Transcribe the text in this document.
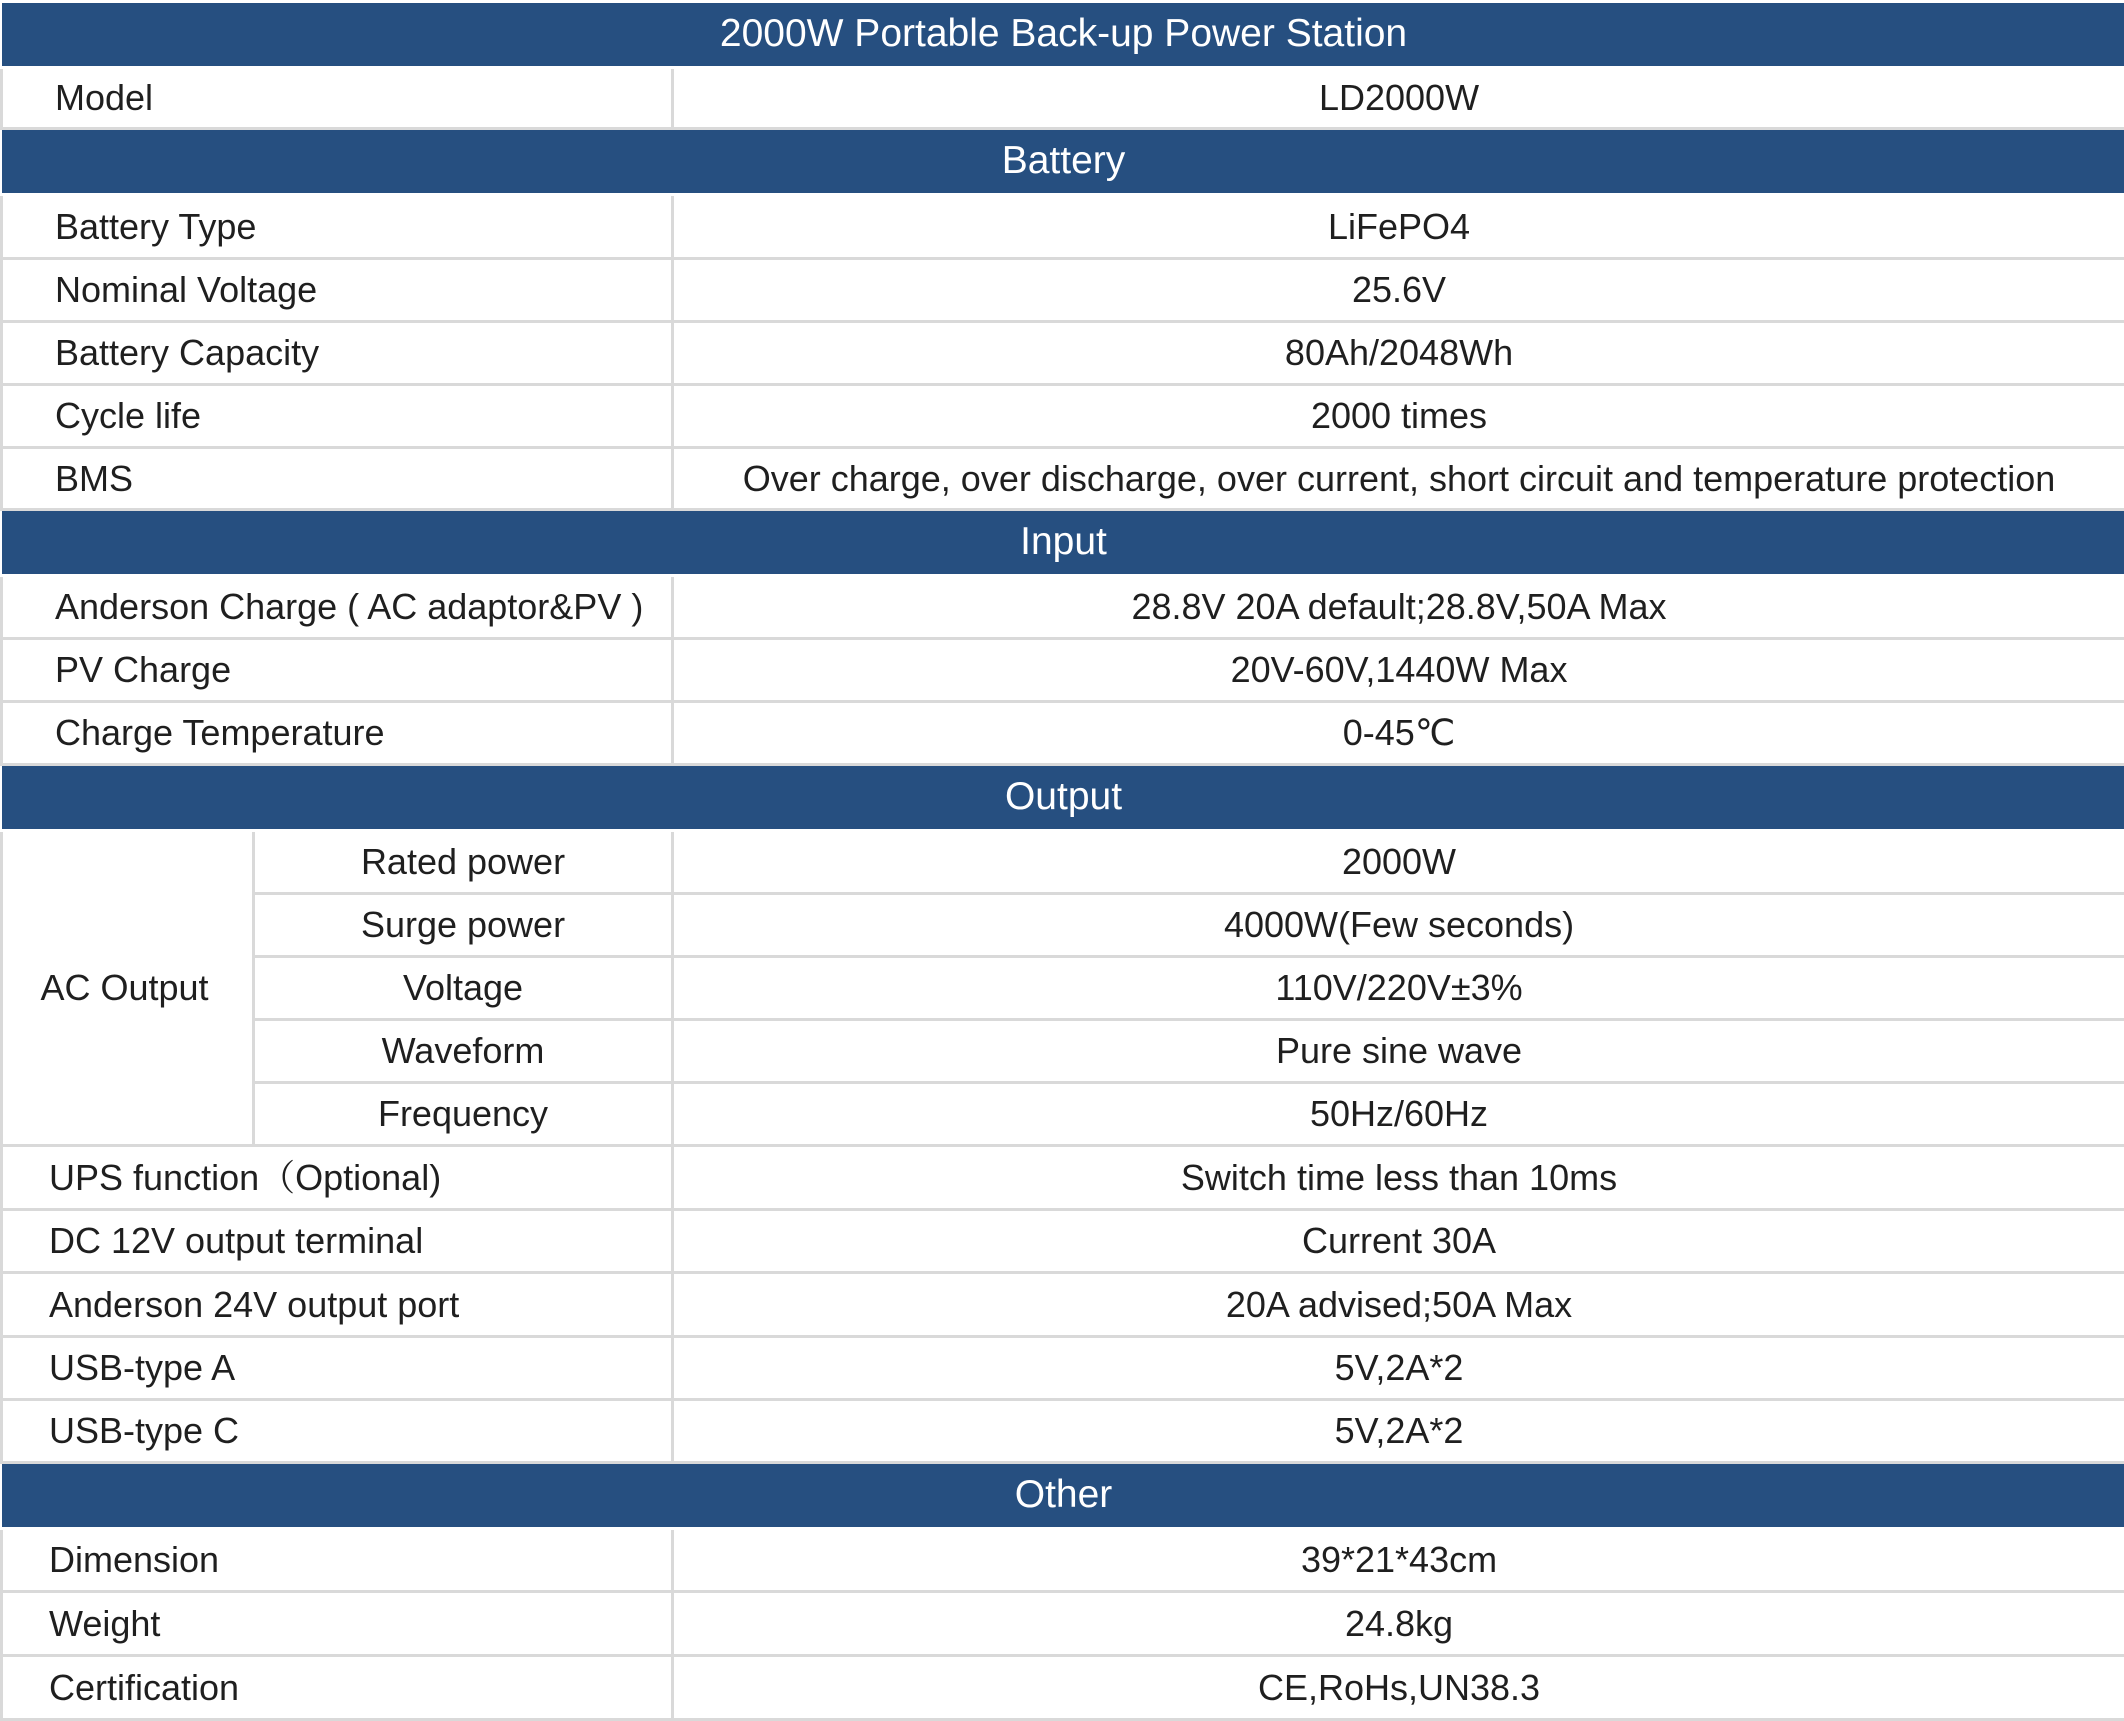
2000W Portable Back-up Power Station		
Model		LD2000W
Battery		
Battery Type		LiFePO4
Nominal Voltage		25.6V
Battery Capacity		80Ah/2048Wh
Cycle life		2000 times
BMS		Over charge, over discharge, over current, short circuit and temperature protection
Input		
Anderson Charge ( AC adaptor&PV )		28.8V 20A default;28.8V,50A Max
PV Charge		20V-60V,1440W Max
Charge Temperature		0-45℃
Output		
AC Output	Rated power	2000W
	Surge power	4000W(Few seconds)
	Voltage	110V/220V±3%
	Waveform	Pure sine wave
	Frequency	50Hz/60Hz
UPS function（Optional)		Switch time less than 10ms
DC 12V output terminal		Current 30A
Anderson 24V output port		20A advised;50A Max
USB-type A		5V,2A*2
USB-type C		5V,2A*2
Other		
Dimension		39*21*43cm
Weight		24.8kg
Certification		CE,RoHs,UN38.3
